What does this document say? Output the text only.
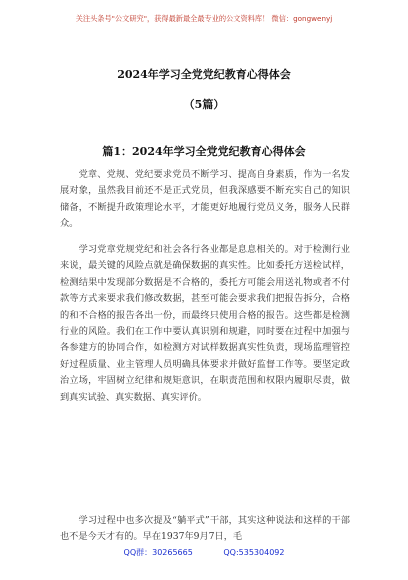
关注头条号"公文研究"，获得最新最全最专业的公文资料库！ 微信：gongwenyj
2024年学习全党党纪教育心得体会
（5篇）
篇1：2024年学习全党党纪教育心得体会
党章、党规、党纪要求党员不断学习、提高自身素质，作为一名发展对象，虽然我目前还不是正式党员，但我深感要不断充实自己的知识储备，不断提升政策理论水平，才能更好地履行党员义务，服务人民群众。
学习党章党规党纪和社会各行各业都是息息相关的。对于检测行业来说，最关键的风险点就是确保数据的真实性。比如委托方送检试样，检测结果中发现部分数据是不合格的，委托方可能会用送礼物或者不付款等方式来要求我们修改数据，甚至可能会要求我们把报告拆分，合格的和不合格的报告各出一份，而最终只使用合格的报告。这些都是检测行业的风险。我们在工作中要认真识别和规避，同时要在过程中加强与各参建方的协同合作，如检测方对试样数据真实性负责，现场监理管控好过程质量、业主管理人员明确具体要求并做好监督工作等。要坚定政治立场，牢固树立纪律和规矩意识，在职责范围和权限内履职尽责，做到真实试验、真实数据、真实评价。
学习过程中也多次提及“躺平式”干部，其实这种说法和这样的干部也不是今天才有的。早在1937年9月7日，毛
QQ群：30265665	QQ:535304092
